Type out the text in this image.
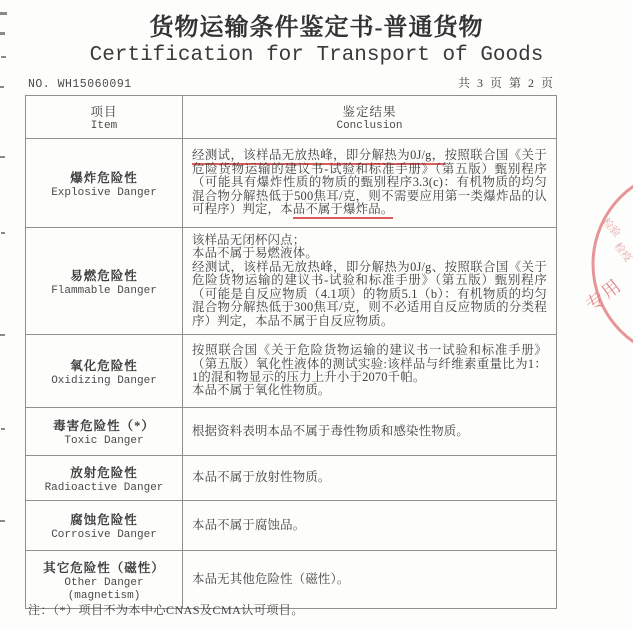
货物运输条件鉴定书-普通货物
Certification for Transport of Goods
NO. WH15060091	共 3 页 第 2 页
项目
Item
鉴定结果
Conclusion
爆炸危险性
Explosive Danger

经测试，该样品无放热峰，即分解热为0J/g，按照联合国《关于危险货物运输的建议书-试验和标准手册》（第五版）甄别程序（可能具有爆炸性质的物质的甄别程序3.3(c)：有机物质的均匀混合物分解热低于500焦耳/克，则不需要应用第一类爆炸品的认可程序）判定，本品不属于爆炸品。

易燃危险性
Flammable Danger

该样品无闭杯闪点；

本品不属于易燃液体。

经测试，该样品无放热峰，即分解热为0J/g、按照联合国《关于危险货物运输的建议书-试验和标准手册》（第五版）甄别程序（可能是自反应物质（4.1项）的物质5.1（b）：有机物质的均匀混合物分解热低于300焦耳/克，则不必适用自反应物质的分类程序）判定，本品不属于自反应物质。

氧化危险性
Oxidizing Danger

按照联合国《关于危险货物运输的建议书一试验和标准手册》（第五版）氧化性液体的测试实验:该样品与纤维素重量比为1：1的混和物显示的压力上升小于2070千帕。

本品不属于氧化性物质。

毒害危险性（*）
Toxic Danger

根据资料表明本品不属于毒性物质和感染性物质。

放射危险性
Radioactive Danger

本品不属于放射性物质。

腐蚀危险性
Corrosive Danger

本品不属于腐蚀品。

其它危险性（磁性）
Other Danger
(magnetism)

本品无其他危险性（磁性）。

注：（*）项目不为本中心CNAS及CMA认可项目。
检验
检疫
专用
